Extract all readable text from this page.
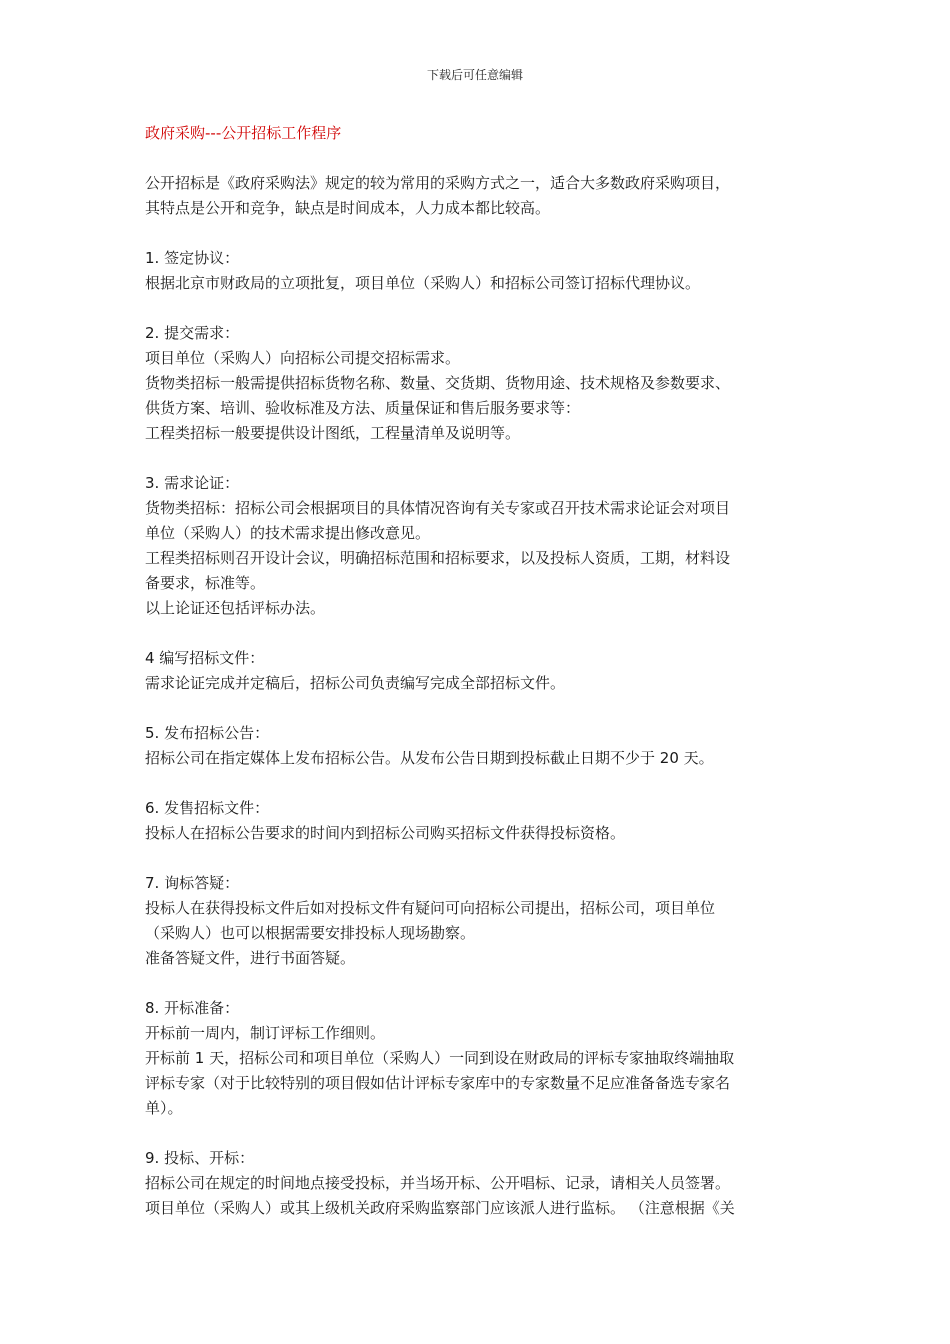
下载后可任意编辑

政府采购---公开招标工作程序

公开招标是《政府采购法》规定的较为常用的采购方式之一，适合大多数政府采购项目，

其特点是公开和竞争，缺点是时间成本，人力成本都比较高。

1. 签定协议：

根据北京市财政局的立项批复，项目单位（采购人）和招标公司签订招标代理协议。

2. 提交需求：

项目单位（采购人）向招标公司提交招标需求。

货物类招标一般需提供招标货物名称、数量、交货期、货物用途、技术规格及参数要求、

供货方案、培训、验收标准及方法、质量保证和售后服务要求等：

工程类招标一般要提供设计图纸，工程量清单及说明等。

3. 需求论证：

货物类招标：招标公司会根据项目的具体情况咨询有关专家或召开技术需求论证会对项目

单位（采购人）的技术需求提出修改意见。

工程类招标则召开设计会议，明确招标范围和招标要求，以及投标人资质，工期，材料设

备要求，标准等。

以上论证还包括评标办法。

4 编写招标文件：

需求论证完成并定稿后，招标公司负责编写完成全部招标文件。

5. 发布招标公告：

招标公司在指定媒体上发布招标公告。从发布公告日期到投标截止日期不少于 20 天。

6. 发售招标文件：

投标人在招标公告要求的时间内到招标公司购买招标文件获得投标资格。

7. 询标答疑：

投标人在获得投标文件后如对投标文件有疑问可向招标公司提出，招标公司，项目单位

（采购人）也可以根据需要安排投标人现场勘察。

准备答疑文件，进行书面答疑。

8. 开标准备：

开标前一周内，制订评标工作细则。

开标前 1 天，招标公司和项目单位（采购人）一同到设在财政局的评标专家抽取终端抽取

评标专家（对于比较特别的项目假如估计评标专家库中的专家数量不足应准备备选专家名

单）。

9. 投标、开标：

招标公司在规定的时间地点接受投标，并当场开标、公开唱标、记录，请相关人员签署。

项目单位（采购人）或其上级机关政府采购监察部门应该派人进行监标。 （注意根据《关
